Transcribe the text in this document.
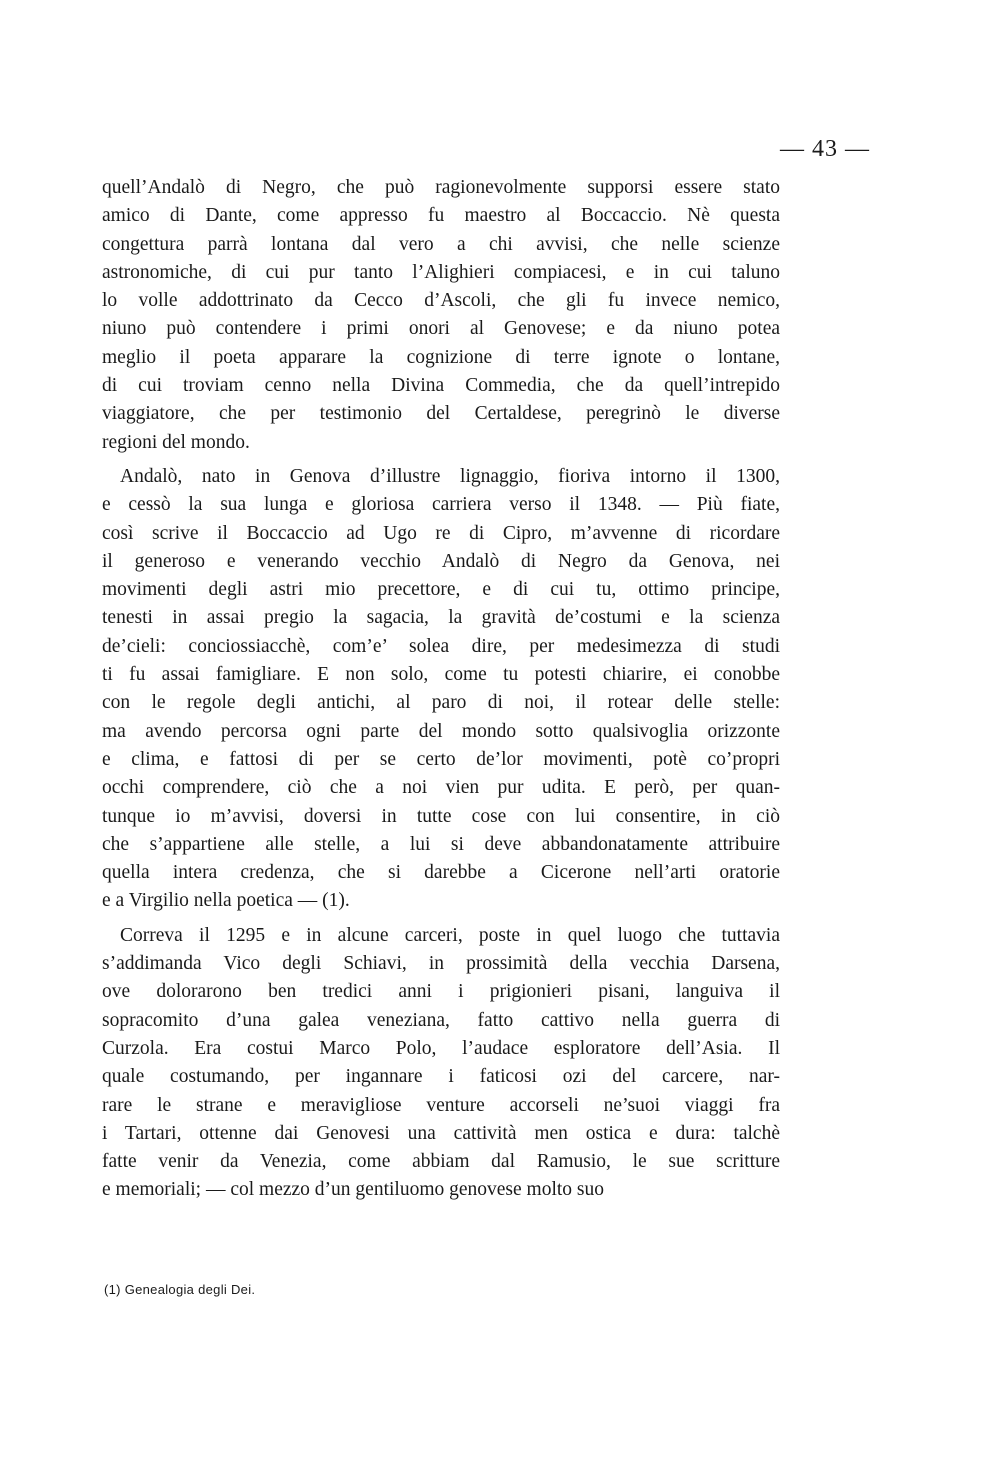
— 43 —
quell’Andalò di Negro, che può ragionevolmente supporsi essere stato
amico di Dante, come appresso fu maestro al Boccaccio. Nè questa
congettura parrà lontana dal vero a chi avvisi, che nelle scienze
astronomiche, di cui pur tanto l’Alighieri compiacesi, e in cui taluno
lo volle addottrinato da Cecco d’Ascoli, che gli fu invece nemico,
niuno può contendere i primi onori al Genovese; e da niuno potea
meglio il poeta apparare la cognizione di terre ignote o lontane,
di cui troviam cenno nella Divina Commedia, che da quell’intrepido
viaggiatore, che per testimonio del Certaldese, peregrinò le diverse
regioni del mondo.
Andalò, nato in Genova d’illustre lignaggio, fioriva intorno il 1300,
e cessò la sua lunga e gloriosa carriera verso il 1348. — Più fiate,
così scrive il Boccaccio ad Ugo re di Cipro, m’avvenne di ricordare
il generoso e venerando vecchio Andalò di Negro da Genova, nei
movimenti degli astri mio precettore, e di cui tu, ottimo principe,
tenesti in assai pregio la sagacia, la gravità de’costumi e la scienza
de’cieli: conciossiacchè, com’e’ solea dire, per medesimezza di studi
ti fu assai famigliare. E non solo, come tu potesti chiarire, ei conobbe
con le regole degli antichi, al paro di noi, il rotear delle stelle:
ma avendo percorsa ogni parte del mondo sotto qualsivoglia orizzonte
e clima, e fattosi di per se certo de’lor movimenti, potè co’propri
occhi comprendere, ciò che a noi vien pur udita. E però, per quan-
tunque io m’avvisi, doversi in tutte cose con lui consentire, in ciò
che s’appartiene alle stelle, a lui si deve abbandonatamente attribuire
quella intera credenza, che si darebbe a Cicerone nell’arti oratorie
e a Virgilio nella poetica — (1).
Correva il 1295 e in alcune carceri, poste in quel luogo che tuttavia
s’addimanda Vico degli Schiavi, in prossimità della vecchia Darsena,
ove dolorarono ben tredici anni i prigionieri pisani, languiva il
sopracomito d’una galea veneziana, fatto cattivo nella guerra di
Curzola. Era costui Marco Polo, l’audace esploratore dell’Asia. Il
quale costumando, per ingannare i faticosi ozi del carcere, nar-
rare le strane e meravigliose venture accorseli ne’suoi viaggi fra
i Tartari, ottenne dai Genovesi una cattività men ostica e dura: talchè
fatte venir da Venezia, come abbiam dal Ramusio, le sue scritture
e memoriali; — col mezzo d’un gentiluomo genovese molto suo
(1) Genealogia degli Dei.
